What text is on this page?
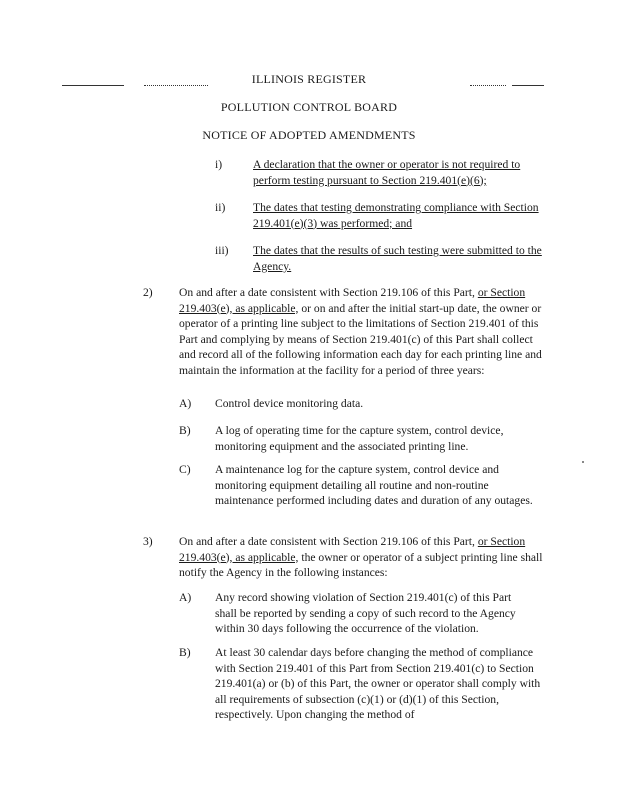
ILLINOIS REGISTER
POLLUTION CONTROL BOARD
NOTICE OF ADOPTED AMENDMENTS
i)	A declaration that the owner or operator is not required to perform testing pursuant to Section 219.401(e)(6);
ii) The dates that testing demonstrating compliance with Section 219.401(e)(3) was performed; and
iii) The dates that the results of such testing were submitted to the Agency.
2) On and after a date consistent with Section 219.106 of this Part, or Section 219.403(e), as applicable, or on and after the initial start-up date, the owner or operator of a printing line subject to the limitations of Section 219.401 of this Part and complying by means of Section 219.401(c) of this Part shall collect and record all of the following information each day for each printing line and maintain the information at the facility for a period of three years:
A) Control device monitoring data.
B) A log of operating time for the capture system, control device, monitoring equipment and the associated printing line.
C) A maintenance log for the capture system, control device and monitoring equipment detailing all routine and non-routine maintenance performed including dates and duration of any outages.
3) On and after a date consistent with Section 219.106 of this Part, or Section 219.403(e), as applicable, the owner or operator of a subject printing line shall notify the Agency in the following instances:
A) Any record showing violation of Section 219.401(c) of this Part shall be reported by sending a copy of such record to the Agency within 30 days following the occurrence of the violation.
B) At least 30 calendar days before changing the method of compliance with Section 219.401 of this Part from Section 219.401(c) to Section 219.401(a) or (b) of this Part, the owner or operator shall comply with all requirements of subsection (c)(1) or (d)(1) of this Section, respectively. Upon changing the method of
